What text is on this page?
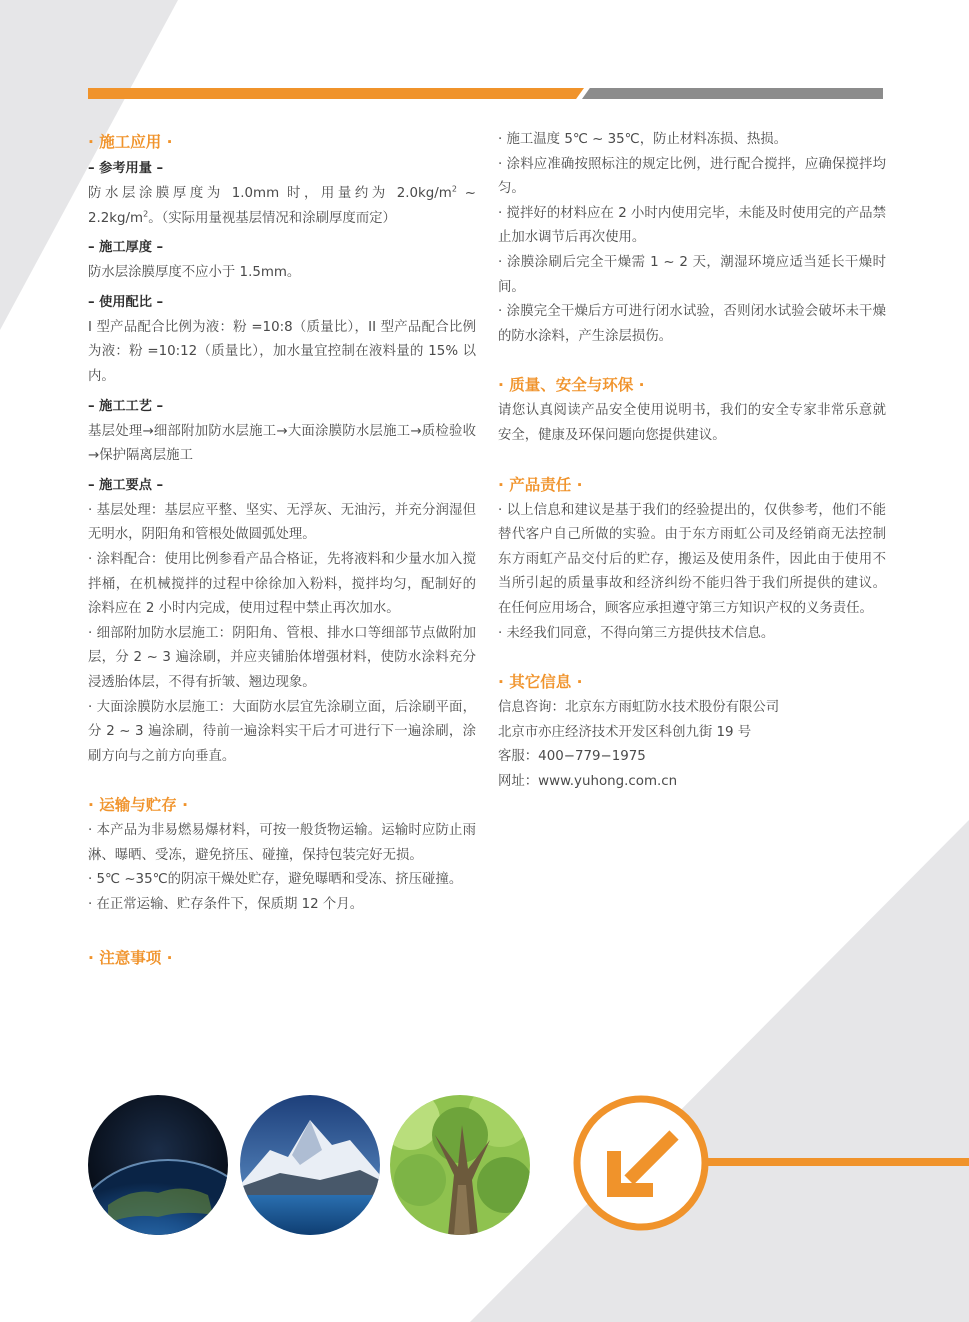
· 施工应用 ·

– 参考用量 –

防水层涂膜厚度为 1.0mm 时，用量约为 $2.0kg/m^2$ ~ $2.2kg/m^2$。（实际用量视基层情况和涂刷厚度而定）

– 施工厚度 –

防水层涂膜厚度不应小于 1.5mm。

– 使用配比 –

I 型产品配合比例为液：粉 =10:8（质量比），II 型产品配合比例为液：粉 =10:12（质量比），加水量宜控制在液料量的 15% 以内。

– 施工工艺 –

基层处理→细部附加防水层施工→大面涂膜防水层施工→质检验收→保护隔离层施工

– 施工要点 –

· 基层处理：基层应平整、坚实、无浮灰、无油污，并充分润湿但无明水，阴阳角和管根处做圆弧处理。

· 涂料配合：使用比例参看产品合格证，先将液料和少量水加入搅拌桶，在机械搅拌的过程中徐徐加入粉料，搅拌均匀，配制好的涂料应在 2 小时内完成，使用过程中禁止再次加水。

· 细部附加防水层施工：阴阳角、管根、排水口等细部节点做附加层，分 2 ~ 3 遍涂刷，并应夹铺胎体增强材料，使防水涂料充分浸透胎体层，不得有折皱、翘边现象。

· 大面涂膜防水层施工：大面防水层宜先涂刷立面，后涂刷平面，分 2 ~ 3 遍涂刷，待前一遍涂料实干后才可进行下一遍涂刷，涂刷方向与之前方向垂直。

· 运输与贮存 ·

· 本产品为非易燃易爆材料，可按一般货物运输。运输时应防止雨淋、曝晒、受冻，避免挤压、碰撞，保持包装完好无损。

· 5℃ ~35℃的阴凉干燥处贮存，避免曝晒和受冻、挤压碰撞。

· 在正常运输、贮存条件下，保质期 12 个月。

· 注意事项 ·

· 施工温度 5℃ ~ 35℃，防止材料冻损、热损。

· 涂料应准确按照标注的规定比例，进行配合搅拌，应确保搅拌均匀。

· 搅拌好的材料应在 2 小时内使用完毕，未能及时使用完的产品禁止加水调节后再次使用。

· 涂膜涂刷后完全干燥需 1 ~ 2 天，潮湿环境应适当延长干燥时间。

· 涂膜完全干燥后方可进行闭水试验，否则闭水试验会破坏未干燥的防水涂料，产生涂层损伤。

· 质量、安全与环保 ·

请您认真阅读产品安全使用说明书，我们的安全专家非常乐意就安全，健康及环保问题向您提供建议。

· 产品责任 ·

· 以上信息和建议是基于我们的经验提出的，仅供参考，他们不能替代客户自己所做的实验。由于东方雨虹公司及经销商无法控制东方雨虹产品交付后的贮存，搬运及使用条件，因此由于使用不当所引起的质量事故和经济纠纷不能归咎于我们所提供的建议。在任何应用场合，顾客应承担遵守第三方知识产权的义务责任。

· 未经我们同意，不得向第三方提供技术信息。

· 其它信息 ·

信息咨询：北京东方雨虹防水技术股份有限公司

北京市亦庄经济技术开发区科创九街 19 号

客服：400−779−1975

网址：www.yuhong.com.cn
